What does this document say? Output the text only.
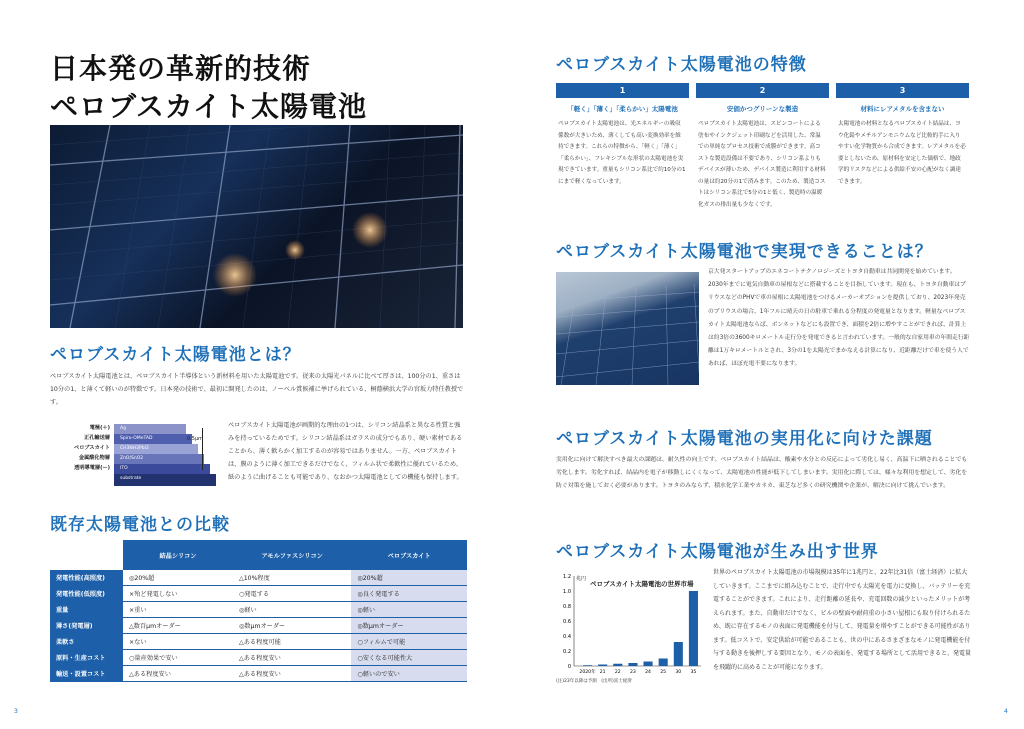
日本発の革新的技術
ペロブスカイト太陽電池
ペロブスカイト太陽電池とは？
ペロブスカイト太陽電池とは、ペロブスカイト半導体という新材料を用いた太陽電池です。従来の太陽光パネルに比べて厚さは、100分の1、重さは10分の1、と薄くて軽いのが特徴です。日本発の技術で、最初に開発したのは、ノーベル賞候補に挙げられている、桐蔭横浜大学の宮坂力特任教授です。
電極(＋)
正孔輸送層
ペロブスカイト
金属酸化物層
透明導電層(ー)
Ag
Spiro-OMeTAD
CH3NH3PbI3
ZnO/SnO2
ITO
substrate
0.5μm
ペロブスカイト太陽電池が画期的な理由の1つは、シリコン結晶系と異なる性質と強みを持っているためです。シリコン結晶系はガラスの成分でもあり、硬い素材であることから、薄く軟らかく加工するのが容易ではありません。一方、ペロブスカイトは、膜のように薄く加工できるだけでなく、フィルム状で柔軟性に優れているため、紙のように曲げることも可能であり、なおかつ太陽電池としての機能も保持します。
既存太陽電池との比較
	結晶シリコン	アモルファスシリコン	ペロブスカイト
発電性能(高照度)	◎20%超	△10%程度	◎20%超
発電性能(低照度)	×殆ど発電しない	○発電する	◎良く発電する
重量	×重い	◎軽い	◎軽い
薄さ(発電層)	△数百μmオーダー	◎数μmオーダー	◎数μmオーダー
柔軟さ	×ない	△ある程度可能	○フィルムで可能
原料・生産コスト	○量産効果で安い	△ある程度安い	○安くなる可能性大
輸送・設置コスト	△ある程度安い	△ある程度安い	○軽いので安い
3
ペロブスカイト太陽電池の特徴
1	2	3
「軽く」「薄く」「柔らかい」太陽電池	安価かつグリーンな製造	材料にレアメタルを含まない
ペロブスカイト太陽電池は、光エネルギーの吸収係数が大きいため、薄くしても高い変換効率を維持できます。これらの特徴から、「軽く」「薄く」「柔らかい」、フレキシブルな形状の太陽電池を実現できています。重量もシリコン系比で約10分の1にまで軽くなっています。
ペロブスカイト太陽電池は、スピンコートによる塗布やインクジェット印刷などを活用した、常温での単純なプロセス技術で成膜ができます。高コストな製造設備は不要であり、シリコン系よりもデバイスが薄いため、デバイス製造に利用する材料の量は約20分の1で済みます。このため、製造コストはシリコン系比で5分の1と低く、製造時の温暖化ガスの排出量も少なくです。
太陽電池の材料となるペロブスカイト結晶は、ヨウ化鉛やメチルアンモニウムなど比較的手に入りやすい化学物質から合成できます。レアメタルを必要としないため、原材料を安定した価格で、地政学的リスクなどによる供給不安の心配がなく調達できます。
ペロブスカイト太陽電池で実現できることは？
京大発スタートアップのエネコートテクノロジーズとトヨタ自動車は共同開発を始めています。2030年までに電気自動車の屋根などに搭載することを目指しています。現在も、トヨタ自動車はプリウスなどのPHVで車の屋根に太陽電池をつけるメーカーオプションを提供しており、2023年発売のプリウスの場合、1年フルに晴天の日の駐車で乗れる分程度の発電量となります。軽量なペロブスカイト太陽電池ならば、ボンネットなどにも設置でき、面積を2倍に増やすことができれば、計算上は約3倍の3600キロメートル走行分を発電できると言われています。一般的な自家用車の年間走行距離は1万キロメートルとされ、3分の1を太陽光でまかなえる計算になり、近距離だけで車を使う人であれば、ほぼ充電不要になります。
ペロブスカイト太陽電池の実用化に向けた課題
実用化に向けて解決すべき最大の課題は、耐久性の向上です。ペロブスカイト結晶は、酸素や水分との反応によって劣化し易く、高温下に晒されることでも劣化します。劣化すれば、結晶内を電子が移動しにくくなって、太陽電池の性能が低下してしまいます。実用化に際しては、様々な利用を想定して、劣化を防ぐ対策を施しておく必要があります。トヨタのみならず、積水化学工業やカネカ、東芝など多くの研究機関や企業が、解決に向けて挑んでいます。
ペロブスカイト太陽電池が生み出す世界
ペロブスカイト太陽電池の世界市場
兆円
0
0.2
0.4
0.6
0.8
1.0
1.2
2020年 21 22 23 24 25 30 35
(注)23年以降は予測　(出所)富士経済
世界のペロブスカイト太陽電池の市場規模は35年に1兆円と、22年比31倍（富士経済）に拡大していきます。ここまでに組み込むことで、走行中でも太陽光を電力に変換し、バッテリーを充電することができます。これにより、走行距離の延長や、充電回数の減少といったメリットが考えられます。また、自動車だけでなく、ビルの壁面や耐荷重の小さい屋根にも取り付けられるため、既に存在するモノの表面に発電機能を付与して、発電量を増やすことができる可能性があります。低コストで、安定供給が可能であることも、世の中にあるさまざまなモノに発電機能を付与する動きを後押しする要因となり、モノの表面を、発電する場所として活用できると、発電量を飛躍的に高めることが可能になります。
4
